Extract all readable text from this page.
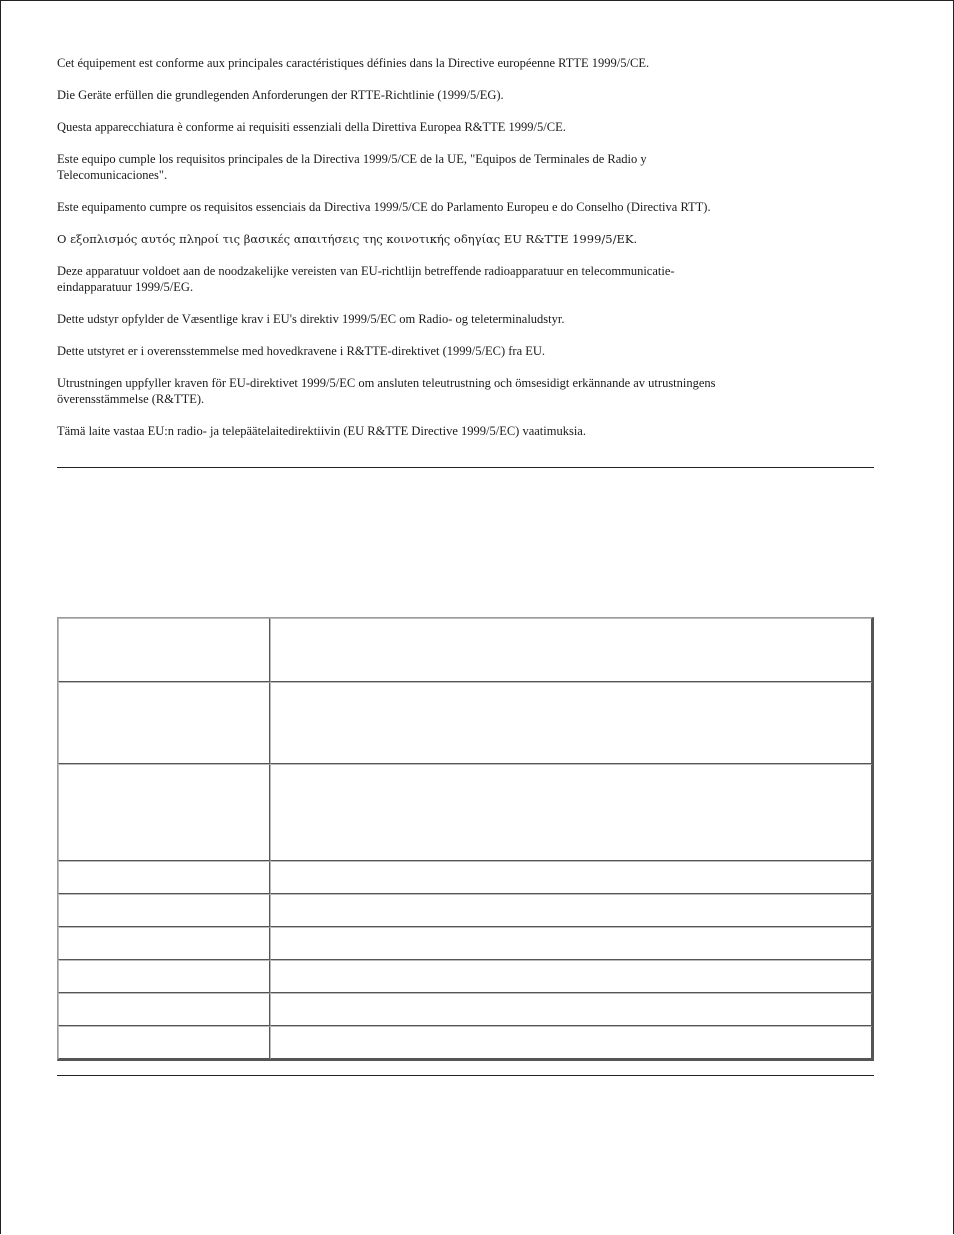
Cet équipement est conforme aux principales caractéristiques définies dans la Directive européenne RTTE 1999/5/CE.

Die Geräte erfüllen die grundlegenden Anforderungen der RTTE-Richtlinie (1999/5/EG).

Questa apparecchiatura è conforme ai requisiti essenziali della Direttiva Europea R&TTE 1999/5/CE.

Este equipo cumple los requisitos principales de la Directiva 1999/5/CE de la UE, "Equipos de Terminales de Radio y Telecomunicaciones".

Este equipamento cumpre os requisitos essenciais da Directiva 1999/5/CE do Parlamento Europeu e do Conselho (Directiva RTT).

Ο εξοπλισμός αυτός πληροί τις βασικές απαιτήσεις της κοινοτικής οδηγίας EU R&TTE 1999/5/EK.

Deze apparatuur voldoet aan de noodzakelijke vereisten van EU-richtlijn betreffende radioapparatuur en telecommunicatie-eindapparatuur 1999/5/EG.

Dette udstyr opfylder de Væsentlige krav i EU's direktiv 1999/5/EC om Radio- og teleterminaludstyr.

Dette utstyret er i overensstemmelse med hovedkravene i R&TTE-direktivet (1999/5/EC) fra EU.

Utrustningen uppfyller kraven för EU-direktivet 1999/5/EC om ansluten teleutrustning och ömsesidigt erkännande av utrustningens överensstämmelse (R&TTE).

Tämä laite vastaa EU:n radio- ja telepäätelaitedirektiivin (EU R&TTE Directive 1999/5/EC) vaatimuksia.
